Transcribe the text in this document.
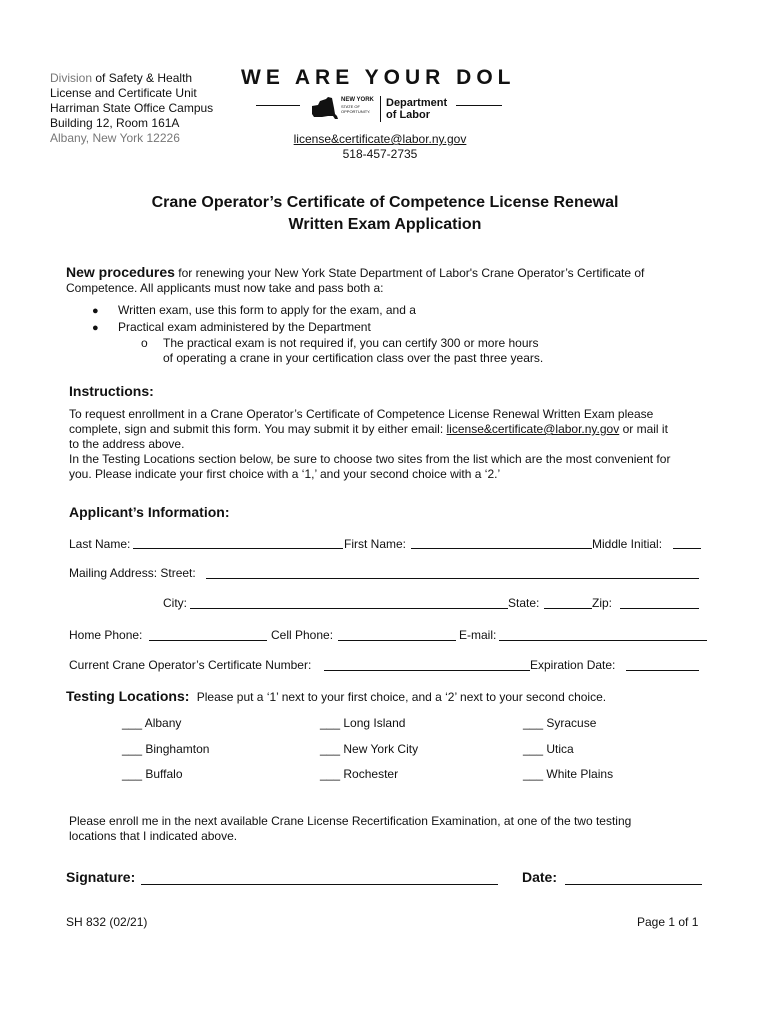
Division of Safety & Health
License and Certificate Unit
Harriman State Office Campus
Building 12, Room 161A
Albany, New York 12226
WE ARE YOUR DOL
NEW YORK
STATE OF
OPPORTUNITY.
Department
of Labor
license&certificate@labor.ny.gov
518-457-2735
Crane Operator’s Certificate of Competence License Renewal
Written Exam Application
New procedures for renewing your New York State Department of Labor's Crane Operator’s Certificate of
Competence. All applicants must now take and pass both a:
● Written exam, use this form to apply for the exam, and a
● Practical exam administered by the Department
o The practical exam is not required if, you can certify 300 or more hours
of operating a crane in your certification class over the past three years.
Instructions:
To request enrollment in a Crane Operator’s Certificate of Competence License Renewal Written Exam please
complete, sign and submit this form. You may submit it by either email: license&certificate@labor.ny.gov or mail it
to the address above.
In the Testing Locations section below, be sure to choose two sites from the list which are the most convenient for
you. Please indicate your first choice with a ‘1,’ and your second choice with a ‘2.’
Applicant’s Information:
Last Name:	First Name:	Middle Initial:
Mailing Address: Street:
City:	State:	Zip:
Home Phone:	Cell Phone:	E-mail:
Current Crane Operator’s Certificate Number:	Expiration Date:
Testing Locations: Please put a ‘1’ next to your first choice, and a ‘2’ next to your second choice.
___ Albany	___ Long Island	___ Syracuse
___ Binghamton	___ New York City	___ Utica
___ Buffalo	___ Rochester	___ White Plains
Please enroll me in the next available Crane License Recertification Examination, at one of the two testing
locations that I indicated above.
Signature:	Date:
SH 832 (02/21)	Page 1 of 1
